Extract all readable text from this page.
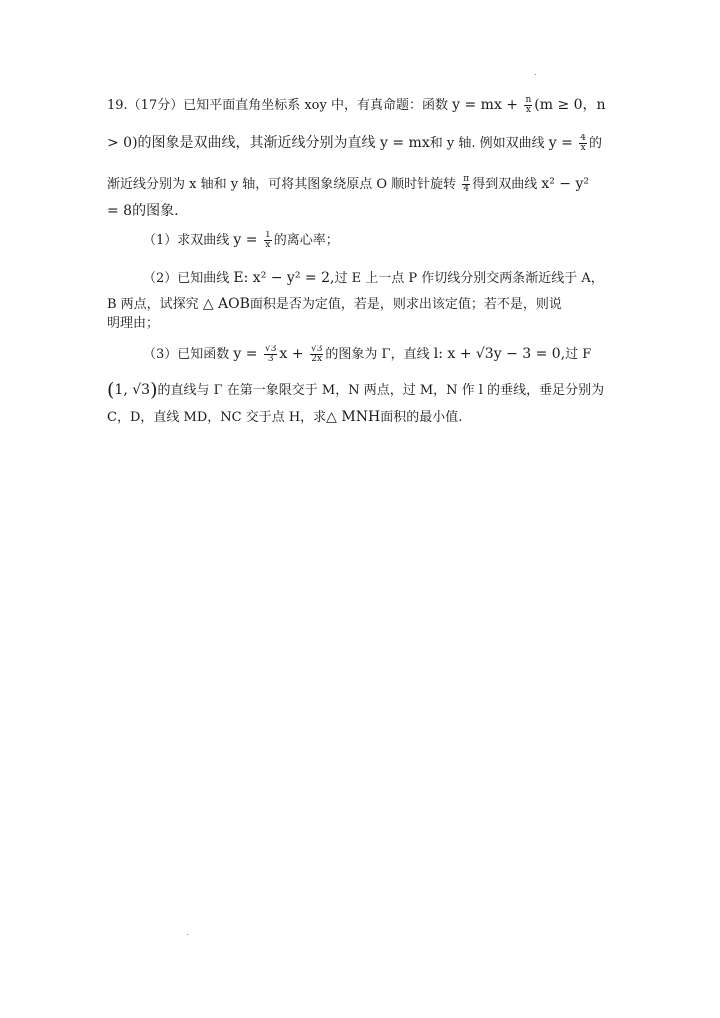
.
19.（17分）已知平面直角坐标系 xoy 中，有真命题：函数 y = mx + $\frac{n}{x} (m \ge 0$，n
> 0)的图象是双曲线，其渐近线分别为直线 y = mx和 y 轴. 例如双曲线 $y = \frac{4}{x}$ 的
渐近线分别为 x 轴和 y 轴，可将其图象绕原点 O 顺时针旋转 $\frac{\pi}{4}$ 得到双曲线 x² − y²
= 8的图象.
（1）求双曲线 $y = \frac{1}{x}$ 的离心率；
（2）已知曲线 E: x² − y² = 2,过 E 上一点 P 作切线分别交两条渐近线于 A，
B 两点，试探究 △ AOB面积是否为定值，若是，则求出该定值；若不是，则说
明理由；
（3）已知函数 $y = \frac{√3}{3}$ $x + \frac{√3}{2x}$ 的图象为 Γ，直线 l: x + √3y − 3 = 0,过 F
(1, √3)的直线与 Γ 在第一象限交于 M，N 两点，过 M，N 作 l 的垂线，垂足分别为
C，D，直线 MD，NC 交于点 H，求△ MNH面积的最小值.
.
